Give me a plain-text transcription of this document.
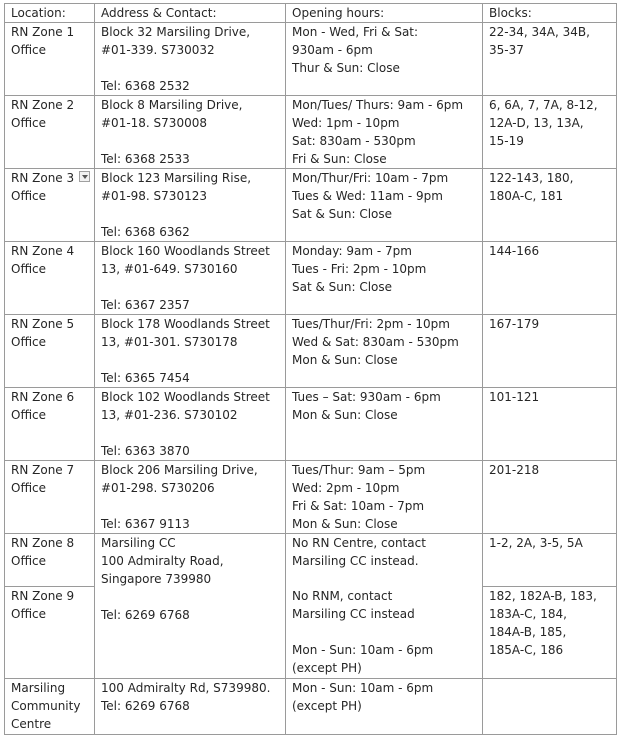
Location:	Address & Contact:	Opening hours:	Blocks:

RN Zone 1
Office	Block 32 Marsiling Drive,
#01-339. S730032
Tel: 6368 2532	Mon - Wed, Fri & Sat:
930am - 6pm
Thur & Sun: Close	22-34, 34A, 34B,
35-37

RN Zone 2
Office	Block 8 Marsiling Drive,
#01-18. S730008
Tel: 6368 2533	Mon/Tues/ Thurs: 9am - 6pm
Wed: 1pm - 10pm
Sat: 830am - 530pm
Fri & Sun: Close	6, 6A, 7, 7A, 8-12,
12A-D, 13, 13A,
15-19

RN Zone 3
Office	Block 123 Marsiling Rise,
#01-98. S730123
Tel: 6368 6362	Mon/Thur/Fri: 10am - 7pm
Tues & Wed: 11am - 9pm
Sat & Sun: Close	122-143, 180,
180A-C, 181

RN Zone 4
Office	Block 160 Woodlands Street
13, #01-649. S730160
Tel: 6367 2357	Monday: 9am - 7pm
Tues - Fri: 2pm - 10pm
Sat & Sun: Close	144-166

RN Zone 5
Office	Block 178 Woodlands Street
13, #01-301. S730178
Tel: 6365 7454	Tues/Thur/Fri: 2pm - 10pm
Wed & Sat: 830am - 530pm
Mon & Sun: Close	167-179

RN Zone 6
Office	Block 102 Woodlands Street
13, #01-236. S730102
Tel: 6363 3870	Tues – Sat: 930am - 6pm
Mon & Sun: Close	101-121

RN Zone 7
Office	Block 206 Marsiling Drive,
#01-298. S730206
Tel: 6367 9113	Tues/Thur: 9am – 5pm
Wed: 2pm - 10pm
Fri & Sat: 10am - 7pm
Mon & Sun: Close	201-218

RN Zone 8
Office	Marsiling CC
100 Admiralty Road,
Singapore 739980
Tel: 6269 6768	No RN Centre, contact
Marsiling CC instead.	1-2, 2A, 3-5, 5A

RN Zone 9
Office		No RNM, contact
Marsiling CC instead
Mon - Sun: 10am - 6pm
(except PH)	182, 182A-B, 183,
183A-C, 184,
184A-B, 185,
185A-C, 186

Marsiling
Community
Centre	100 Admiralty Rd, S739980.
Tel: 6269 6768	Mon - Sun: 10am - 6pm
(except PH)	
